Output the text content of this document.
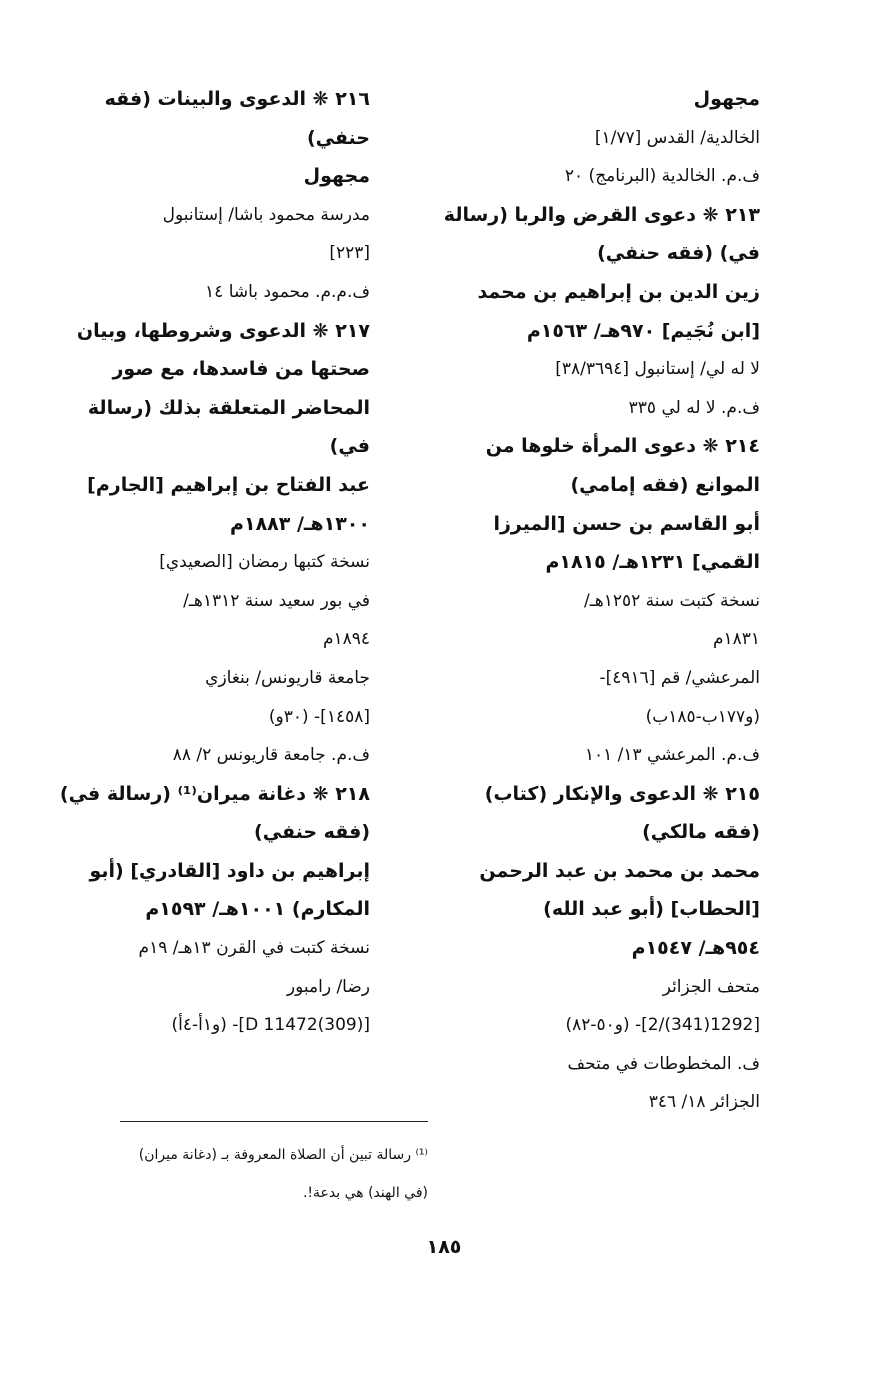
مجهول
الخالدية/ القدس [١/٧٧]
ف.م. الخالدية (البرنامج) ٢٠
٢١٣ ❋ دعوى القرض والربا (رسالة
في) (فقه حنفي)
زين الدين بن إبراهيم بن محمد
[ابن نُجَيم] ٩٧٠هـ/ ١٥٦٣م
لا له لي/ إستانبول [٣٨/٣٦٩٤]
ف.م. لا له لي ٣٣٥
٢١٤ ❋ دعوى المرأة خلوها من
الموانع (فقه إمامي)
أبو القاسم بن حسن [الميرزا
القمي] ١٢٣١هـ/ ١٨١٥م
نسخة كتبت سنة ١٢٥٢هـ/
١٨٣١م
المرعشي/ قم [٤٩١٦]-
(و١٧٧ب-١٨٥ب)
ف.م. المرعشي ١٣/ ١٠١
٢١٥ ❋ الدعوى والإنكار (كتاب)
(فقه مالكي)
محمد بن محمد بن عبد الرحمن
[الحطاب] (أبو عبد الله)
٩٥٤هـ/ ١٥٤٧م
متحف الجزائر
[1292(341)/2]- (و٥٠-٨٢)
ف. المخطوطات في متحف
الجزائر ١٨/ ٣٤٦
٢١٦ ❋ الدعوى والبينات (فقه
حنفي)
مجهول
مدرسة محمود باشا/ إستانبول
[٢٢٣]
ف.م.م. محمود باشا ١٤
٢١٧ ❋ الدعوى وشروطها، وبيان
صحتها من فاسدها، مع صور
المحاضر المتعلقة بذلك (رسالة
في)
عبد الفتاح بن إبراهيم [الجارم]
١٣٠٠هـ/ ١٨٨٣م
نسخة كتبها رمضان [الصعيدي]
في بور سعيد سنة ١٣١٢هـ/
١٨٩٤م
جامعة قاريونس/ بنغازي
[١٤٥٨]- (٣٠و)
ف.م. جامعة قاريونس ٢/ ٨٨
٢١٨ ❋ دغانة ميران⁽¹⁾ (رسالة في)
(فقه حنفي)
إبراهيم بن داود [القادري] (أبو
المكارم) ١٠٠١هـ/ ١٥٩٣م
نسخة كتبت في القرن ١٣هـ/ ١٩م
رضا/ رامبور
[D 11472(309)]- (و١أ-٤أ)
⁽¹⁾ رسالة تبين أن الصلاة المعروفة بـ (دغانة ميران)
(في الهند) هي بدعة!.
١٨٥
